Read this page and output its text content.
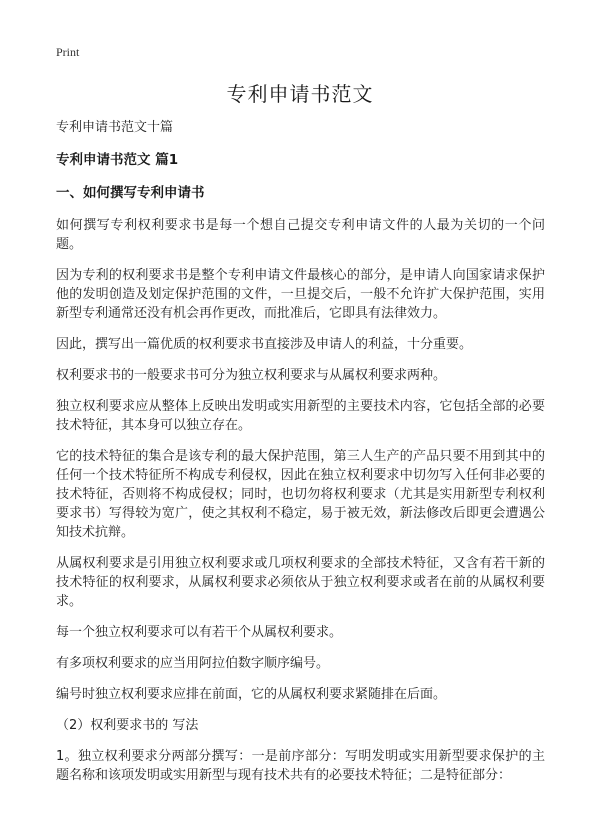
Print
专利申请书范文

专利申请书范文十篇

专利申请书范文 篇1

一、如何撰写专利申请书

如何撰写专利权利要求书是每一个想自己提交专利申请文件的人最为关切的一个问题。

因为专利的权利要求书是整个专利申请文件最核心的部分，是申请人向国家请求保护他的发明创造及划定保护范围的文件，一旦提交后，一般不允许扩大保护范围，实用新型专利通常还没有机会再作更改，而批准后，它即具有法律效力。

因此，撰写出一篇优质的权利要求书直接涉及申请人的利益，十分重要。

权利要求书的一般要求书可分为独立权利要求与从属权利要求两种。

独立权利要求应从整体上反映出发明或实用新型的主要技术内容，它包括全部的必要技术特征，其本身可以独立存在。

它的技术特征的集合是该专利的最大保护范围，第三人生产的产品只要不用到其中的任何一个技术特征所不构成专利侵权，因此在独立权利要求中切勿写入任何非必要的技术特征，否则将不构成侵权；同时，也切勿将权利要求（尤其是实用新型专利权利要求书）写得较为宽广，使之其权利不稳定，易于被无效，新法修改后即更会遭遇公知技术抗辩。

从属权利要求是引用独立权利要求或几项权利要求的全部技术特征，又含有若干新的技术特征的权利要求，从属权利要求必须依从于独立权利要求或者在前的从属权利要求。

每一个独立权利要求可以有若干个从属权利要求。

有多项权利要求的应当用阿拉伯数字顺序编号。

编号时独立权利要求应排在前面，它的从属权利要求紧随排在后面。

（2）权利要求书的 写法

1。独立权利要求分两部分撰写：一是前序部分：写明发明或实用新型要求保护的主题名称和该项发明或实用新型与现有技术共有的必要技术特征；二是特征部分：
